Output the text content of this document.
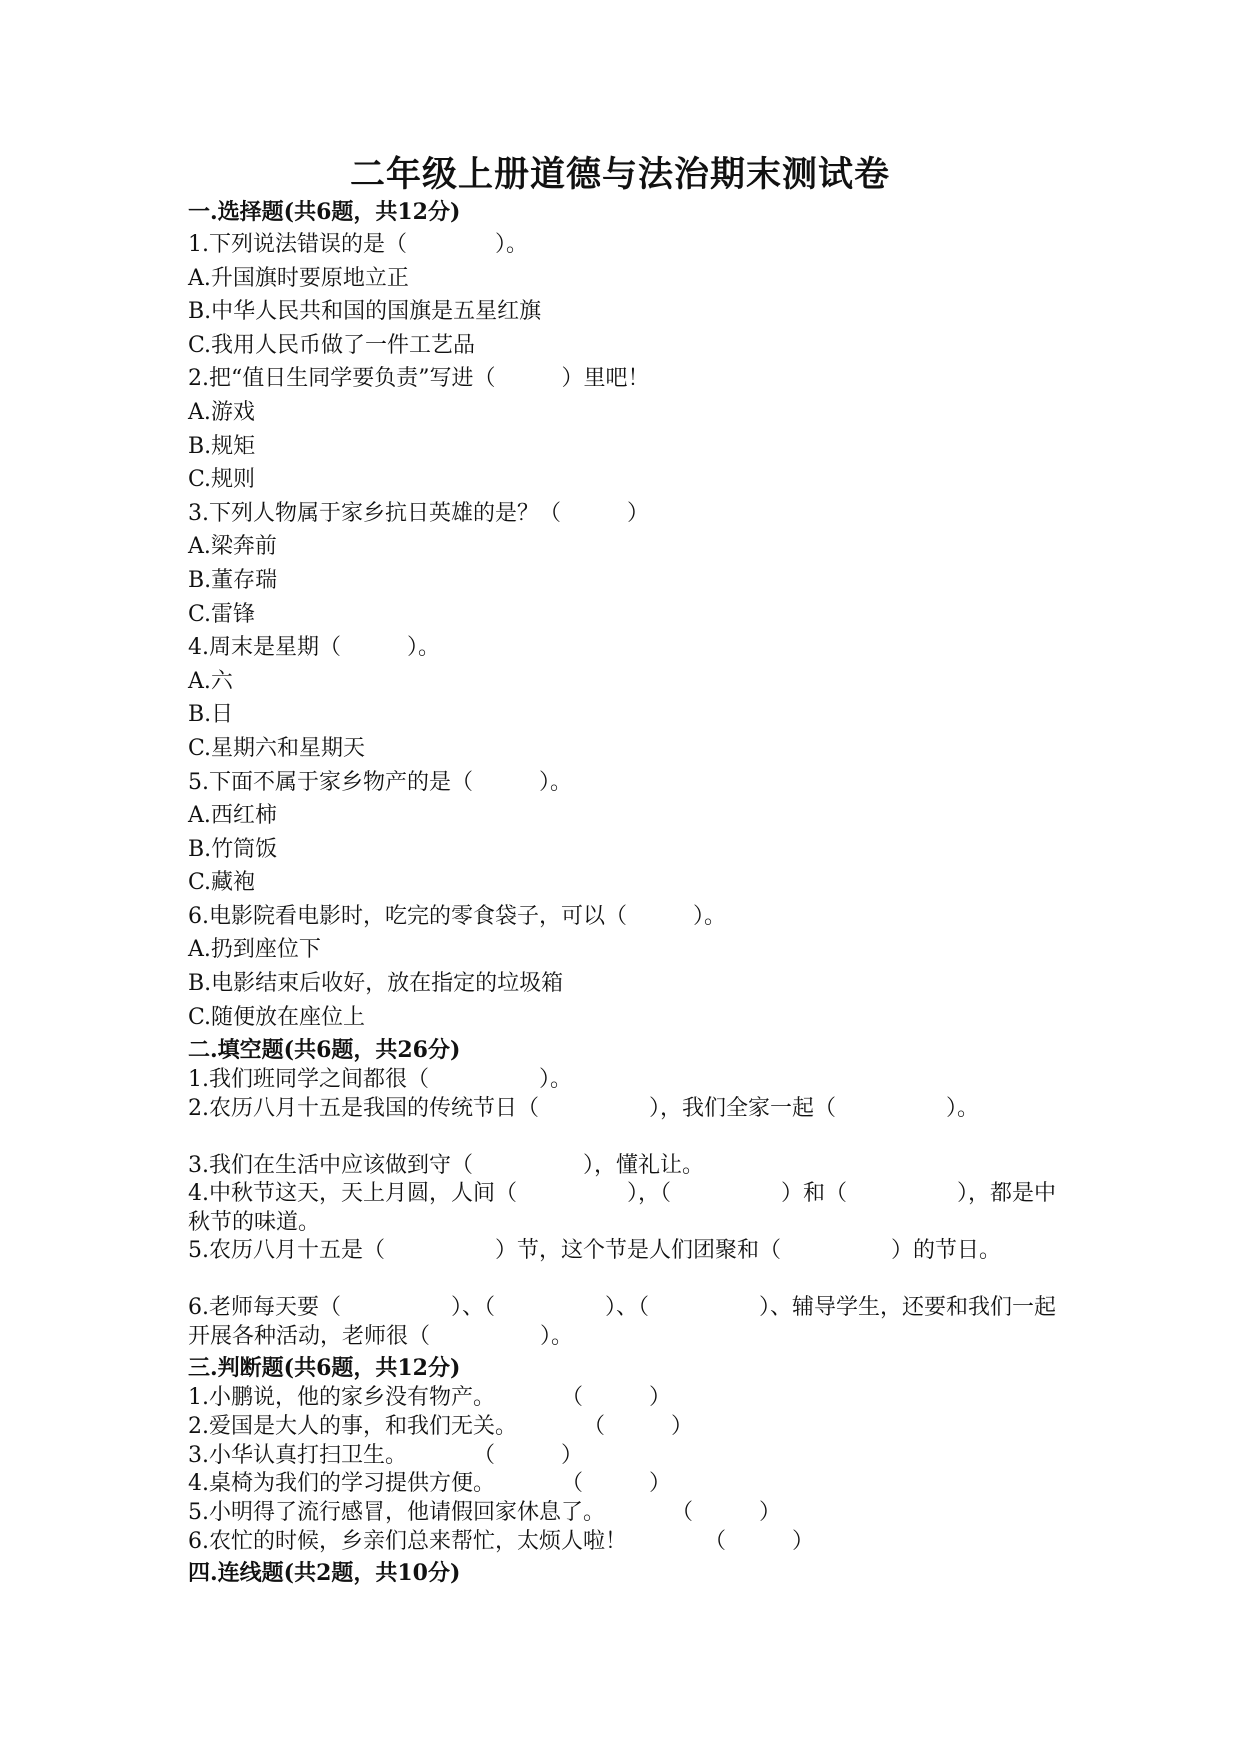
二年级上册道德与法治期末测试卷
一.选择题(共6题，共12分)
1.下列说法错误的是（　　　　）。
A.升国旗时要原地立正
B.中华人民共和国的国旗是五星红旗
C.我用人民币做了一件工艺品
2.把“值日生同学要负责”写进（　　　）里吧！
A.游戏
B.规矩
C.规则
3.下列人物属于家乡抗日英雄的是？（　　　）
A.梁奔前
B.董存瑞
C.雷锋
4.周末是星期（　　　）。
A.六
B.日
C.星期六和星期天
5.下面不属于家乡物产的是（　　　）。
A.西红柿
B.竹筒饭
C.藏袍
6.电影院看电影时，吃完的零食袋子，可以（　　　）。
A.扔到座位下
B.电影结束后收好，放在指定的垃圾箱
C.随便放在座位上
二.填空题(共6题，共26分)
1.我们班同学之间都很（　　　　　）。
2.农历八月十五是我国的传统节日（　　　　　），我们全家一起（　　　　　）。
3.我们在生活中应该做到守（　　　　　），懂礼让。
4.中秋节这天，天上月圆，人间（　　　　　），（　　　　　）和（　　　　　），都是中秋节的味道。
5.农历八月十五是（　　　　　）节，这个节是人们团聚和（　　　　　）的节日。
6.老师每天要（　　　　　）、（　　　　　）、（　　　　　）、辅导学生，还要和我们一起开展各种活动，老师很（　　　　　）。
三.判断题(共6题，共12分)
1.小鹏说，他的家乡没有物产。　　　　（　　　）
2.爱国是大人的事，和我们无关。　　　　（　　　）
3.小华认真打扫卫生。　　　　（　　　）
4.桌椅为我们的学习提供方便。　　　　（　　　）
5.小明得了流行感冒，他请假回家休息了。　　　　（　　　）
6.农忙的时候，乡亲们总来帮忙，太烦人啦！　　　　（　　　）
四.连线题(共2题，共10分)
